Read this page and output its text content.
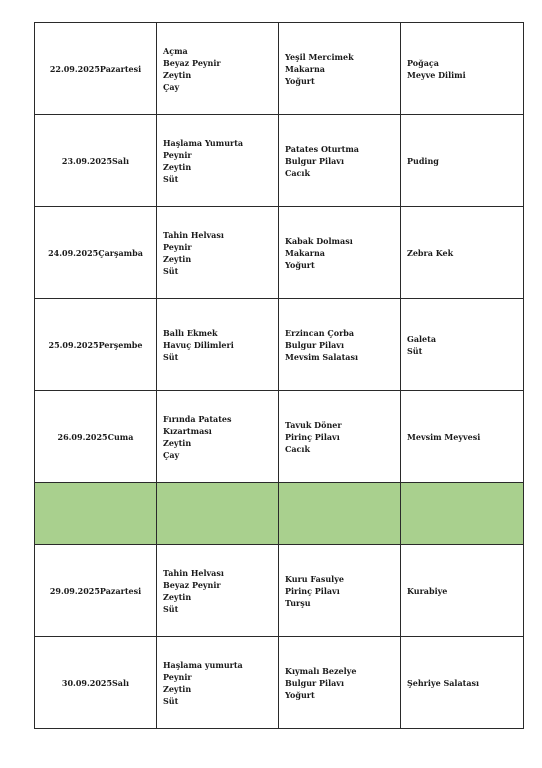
22.09.2025Pazartesi	Açma
Beyaz Peynir
Zeytin
Çay	Yeşil Mercimek
Makarna
Yoğurt	Poğaça
Meyve Dilimi

23.09.2025Salı	Haşlama Yumurta
Peynir
Zeytin
Süt	Patates Oturtma
Bulgur Pilavı
Cacık	Puding

24.09.2025Çarşamba	Tahin Helvası
Peynir
Zeytin
Süt	Kabak Dolması
Makarna
Yoğurt	Zebra Kek

25.09.2025Perşembe	Ballı Ekmek
Havuç Dilimleri
Süt	Erzincan Çorba
Bulgur Pilavı
Mevsim Salatası	Galeta
Süt

26.09.2025Cuma	Fırında Patates
Kızartması
Zeytin
Çay	Tavuk Döner
Pirinç Pilavı
Cacık	Mevsim Meyvesi

29.09.2025Pazartesi	Tahin Helvası
Beyaz Peynir
Zeytin
Süt	Kuru Fasulye
Pirinç Pilavı
Turşu	Kurabiye

30.09.2025Salı	Haşlama yumurta
Peynir
Zeytin
Süt	Kıymalı Bezelye
Bulgur Pilavı
Yoğurt	Şehriye Salatası
